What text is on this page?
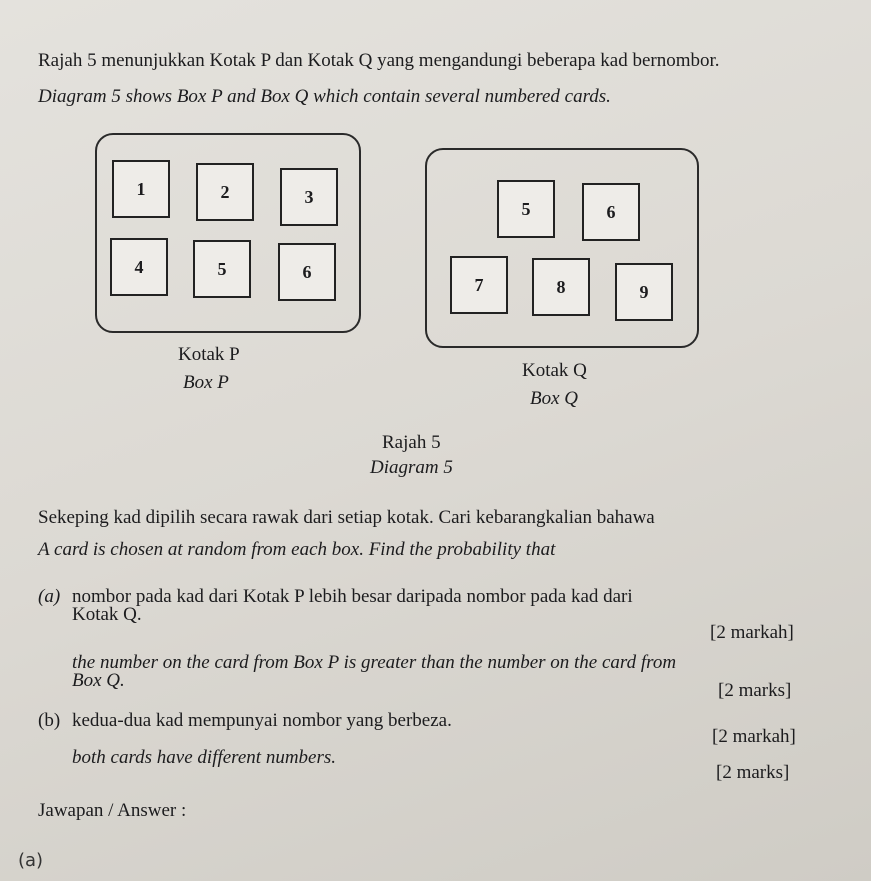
Rajah 5 menunjukkan Kotak P dan Kotak Q yang mengandungi beberapa kad bernombor.
Diagram 5 shows Box P and Box Q which contain several numbered cards.
1	2	3
4	5	6
5	6
7	8	9
Kotak P
Box P
Kotak Q
Box Q
Rajah 5
Diagram 5
Sekeping kad dipilih secara rawak dari setiap kotak. Cari kebarangkalian bahawa
A card is chosen at random from each box. Find the probability that
(a) nombor pada kad dari Kotak P lebih besar daripada nombor pada kad dari
Kotak Q.
[2 markah]
the number on the card from Box P is greater than the number on the card from
Box Q.	[2 marks]
(b) kedua-dua kad mempunyai nombor yang berbeza.
[2 markah]
both cards have different numbers.
[2 marks]
Jawapan / Answer :
(a)
